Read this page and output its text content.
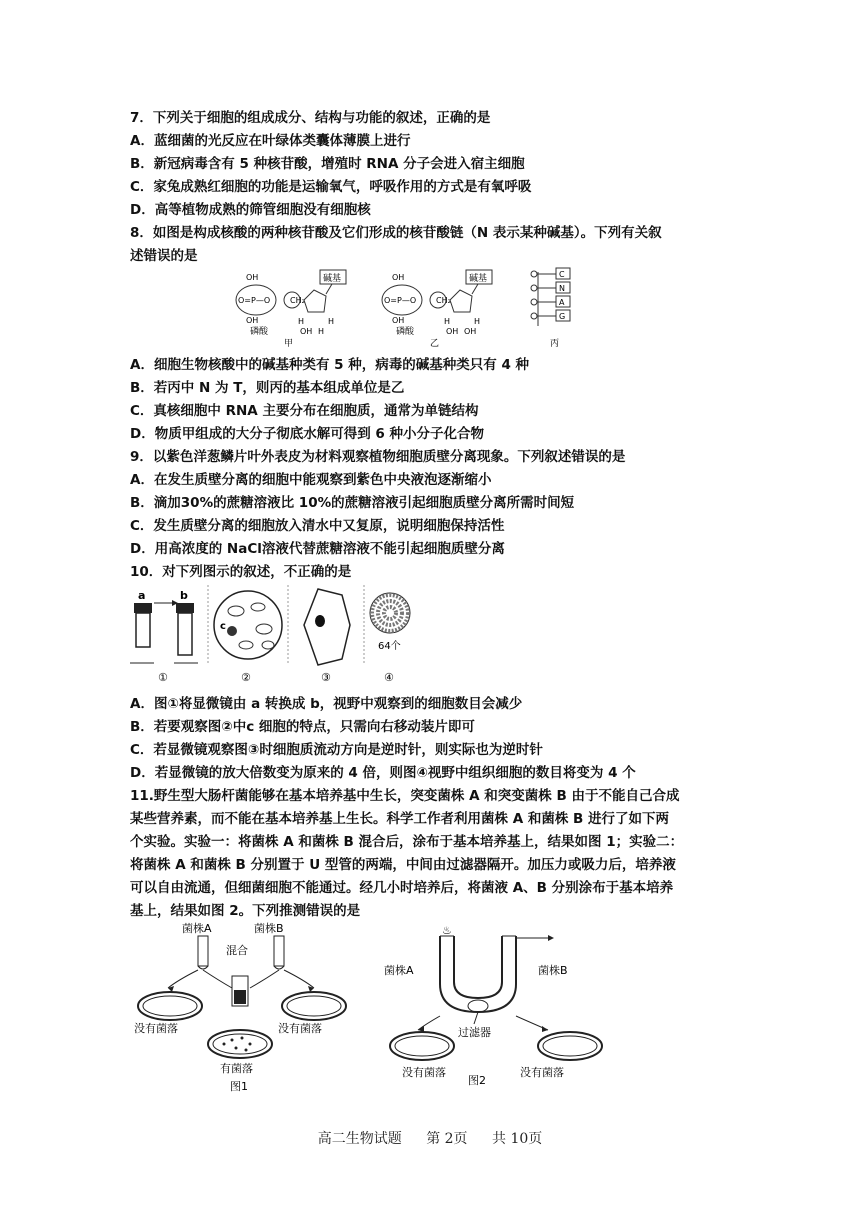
7．下列关于细胞的组成成分、结构与功能的叙述，正确的是
A．蓝细菌的光反应在叶绿体类囊体薄膜上进行
B．新冠病毒含有 5 种核苷酸，增殖时 RNA 分子会进入宿主细胞
C．家兔成熟红细胞的功能是运输氧气，呼吸作用的方式是有氧呼吸
D．高等植物成熟的筛管细胞没有细胞核
8．如图是构成核酸的两种核苷酸及它们形成的核苷酸链（N 表示某种碱基）。下列有关叙
述错误的是
OH
O=P—O
OH
磷酸
CH₂
碱基
H	H
OH H
甲
OH
O=P—O
OH
磷酸
CH₂
碱基
H	H
OH OH
乙
C
N
A
G
丙
A．细胞生物核酸中的碱基种类有 5 种，病毒的碱基种类只有 4 种
B．若丙中 N 为 T，则丙的基本组成单位是乙
C．真核细胞中 RNA 主要分布在细胞质，通常为单链结构
D．物质甲组成的大分子彻底水解可得到 6 种小分子化合物
9．以紫色洋葱鳞片叶外表皮为材料观察植物细胞质壁分离现象。下列叙述错误的是
A．在发生质壁分离的细胞中能观察到紫色中央液泡逐渐缩小
B．滴加30%的蔗糖溶液比 10%的蔗糖溶液引起细胞质壁分离所需时间短
C．发生质壁分离的细胞放入清水中又复原，说明细胞保持活性
D．用高浓度的 NaCl溶液代替蔗糖溶液不能引起细胞质壁分离
10．对下列图示的叙述，不正确的是
a	b
①
c
②	③
64个
④
A．图①将显微镜由 a 转换成 b，视野中观察到的细胞数目会减少
B．若要观察图②中c 细胞的特点，只需向右移动装片即可
C．若显微镜观察图③时细胞质流动方向是逆时针，则实际也为逆时针
D．若显微镜的放大倍数变为原来的 4 倍，则图④视野中组织细胞的数目将变为 4 个
11.野生型大肠杆菌能够在基本培养基中生长，突变菌株 A 和突变菌株 B 由于不能自己合成
某些营养素，而不能在基本培养基上生长。科学工作者利用菌株 A 和菌株 B 进行了如下两
个实验。实验一：将菌株 A 和菌株 B 混合后，涂布于基本培养基上，结果如图 1；实验二：
将菌株 A 和菌株 B 分别置于 U 型管的两端，中间由过滤器隔开。加压力或吸力后，培养液
可以自由流通，但细菌细胞不能通过。经几小时培养后，将菌液 A、B 分别涂布于基本培养
基上，结果如图 2。下列推测错误的是
菌株A	菌株B
混合
没有菌落	没有菌落
有菌落
图1
♨
菌株A	菌株B
过滤器
没有菌落	没有菌落
图2
高二生物试题 第 2页 共 10页
